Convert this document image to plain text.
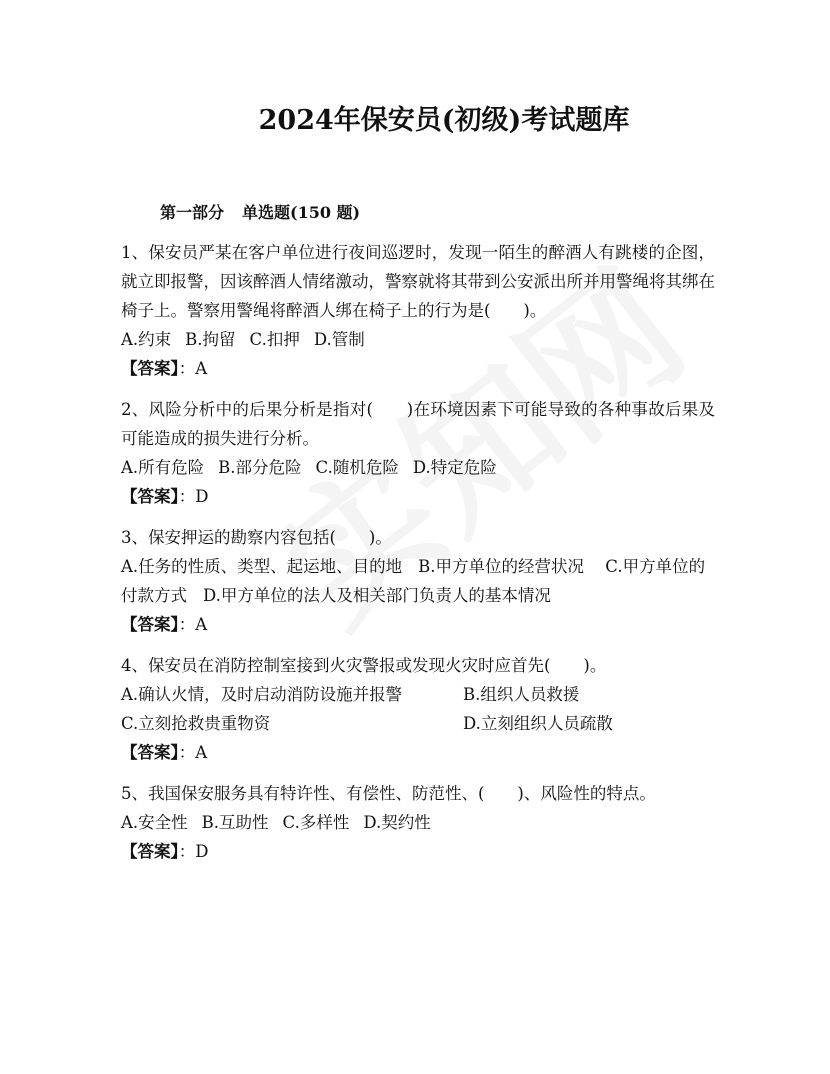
2024年保安员(初级)考试题库
第一部分 单选题(150 题)

1、保安员严某在客户单位进行夜间巡逻时，发现一陌生的醉酒人有跳楼的企图，就立即报警，因该醉酒人情绪激动，警察就将其带到公安派出所并用警绳将其绑在椅子上。警察用警绳将醉酒人绑在椅子上的行为是(　　)。

A.约束 B.拘留 C.扣押 D.管制

【答案】：A

2、风险分析中的后果分析是指对(　　)在环境因素下可能导致的各种事故后果及可能造成的损失进行分析。

A.所有危险 B.部分危险 C.随机危险 D.特定危险

【答案】：D

3、保安押运的勘察内容包括(　　)。

A.任务的性质、类型、起运地、目的地 B.甲方单位的经营状况 C.甲方单位的付款方式 D.甲方单位的法人及相关部门负责人的基本情况

【答案】：A

4、保安员在消防控制室接到火灾警报或发现火灾时应首先(　　)。

A.确认火情，及时启动消防设施并报警	B.组织人员救援
C.立刻抢救贵重物资	D.立刻组织人员疏散

【答案】：A

5、我国保安服务具有特许性、有偿性、防范性、(　　)、风险性的特点。

A.安全性 B.互助性 C.多样性 D.契约性

【答案】：D
